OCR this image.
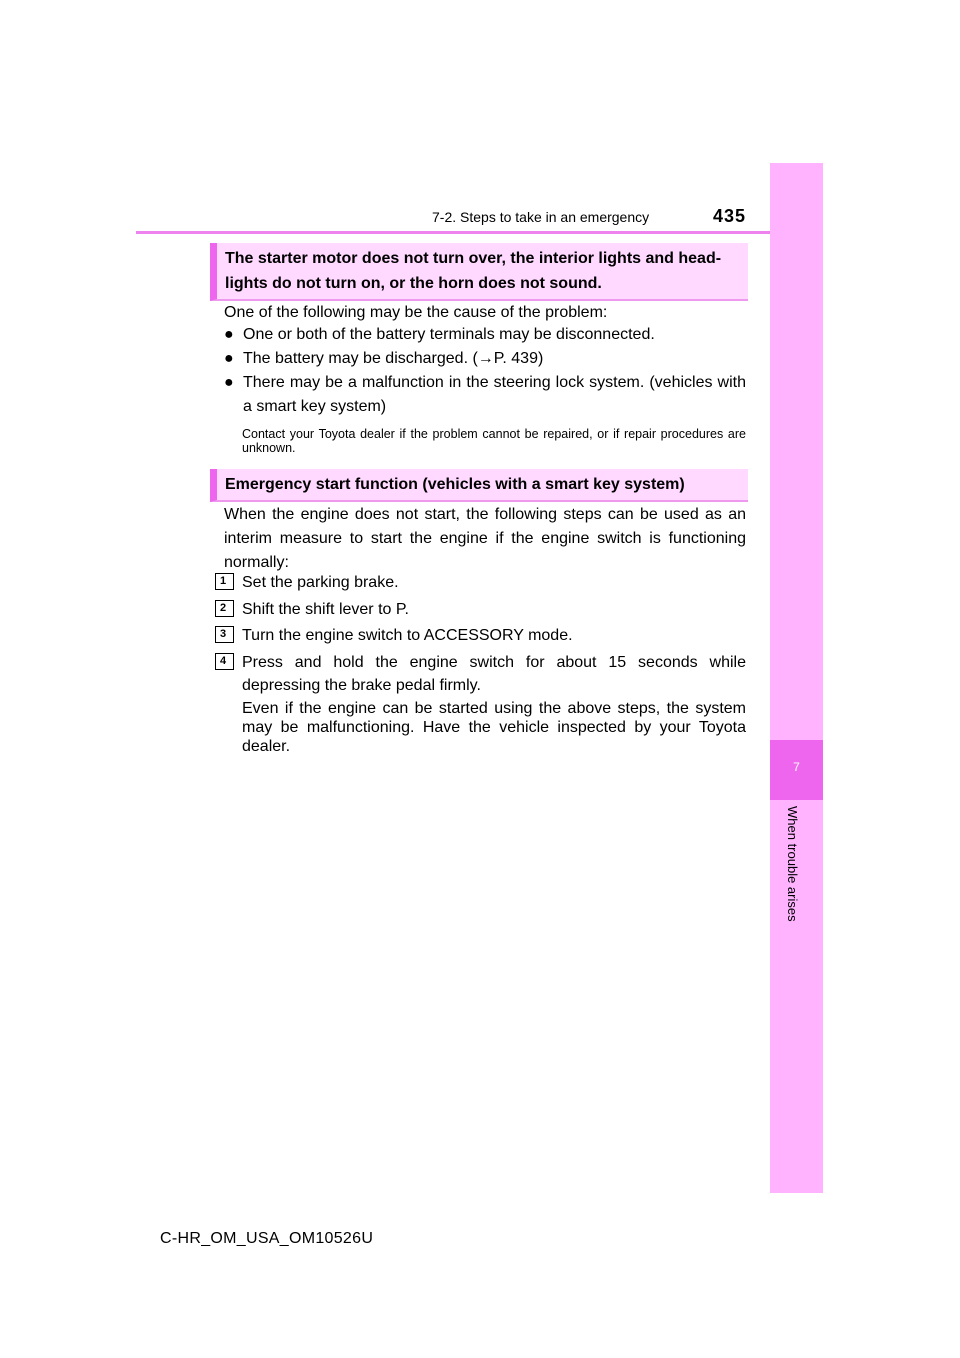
7-2. Steps to take in an emergency	435
7
When trouble arises
The starter motor does not turn over, the interior lights and head-
lights do not turn on, or the horn does not sound.
One of the following may be the cause of the problem:
● One or both of the battery terminals may be disconnected.
● The battery may be discharged. (→P. 439)
● There may be a malfunction in the steering lock system. (vehicles with a smart key system)
Contact your Toyota dealer if the problem cannot be repaired, or if repair procedures are unknown.
Emergency start function (vehicles with a smart key system)
When the engine does not start, the following steps can be used as an interim measure to start the engine if the engine switch is functioning normally:
1 Set the parking brake.
2 Shift the shift lever to P.
3 Turn the engine switch to ACCESSORY mode.
4 Press and hold the engine switch for about 15 seconds while depressing the brake pedal firmly.
Even if the engine can be started using the above steps, the system may be malfunctioning. Have the vehicle inspected by your Toyota dealer.
C-HR_OM_USA_OM10526U
